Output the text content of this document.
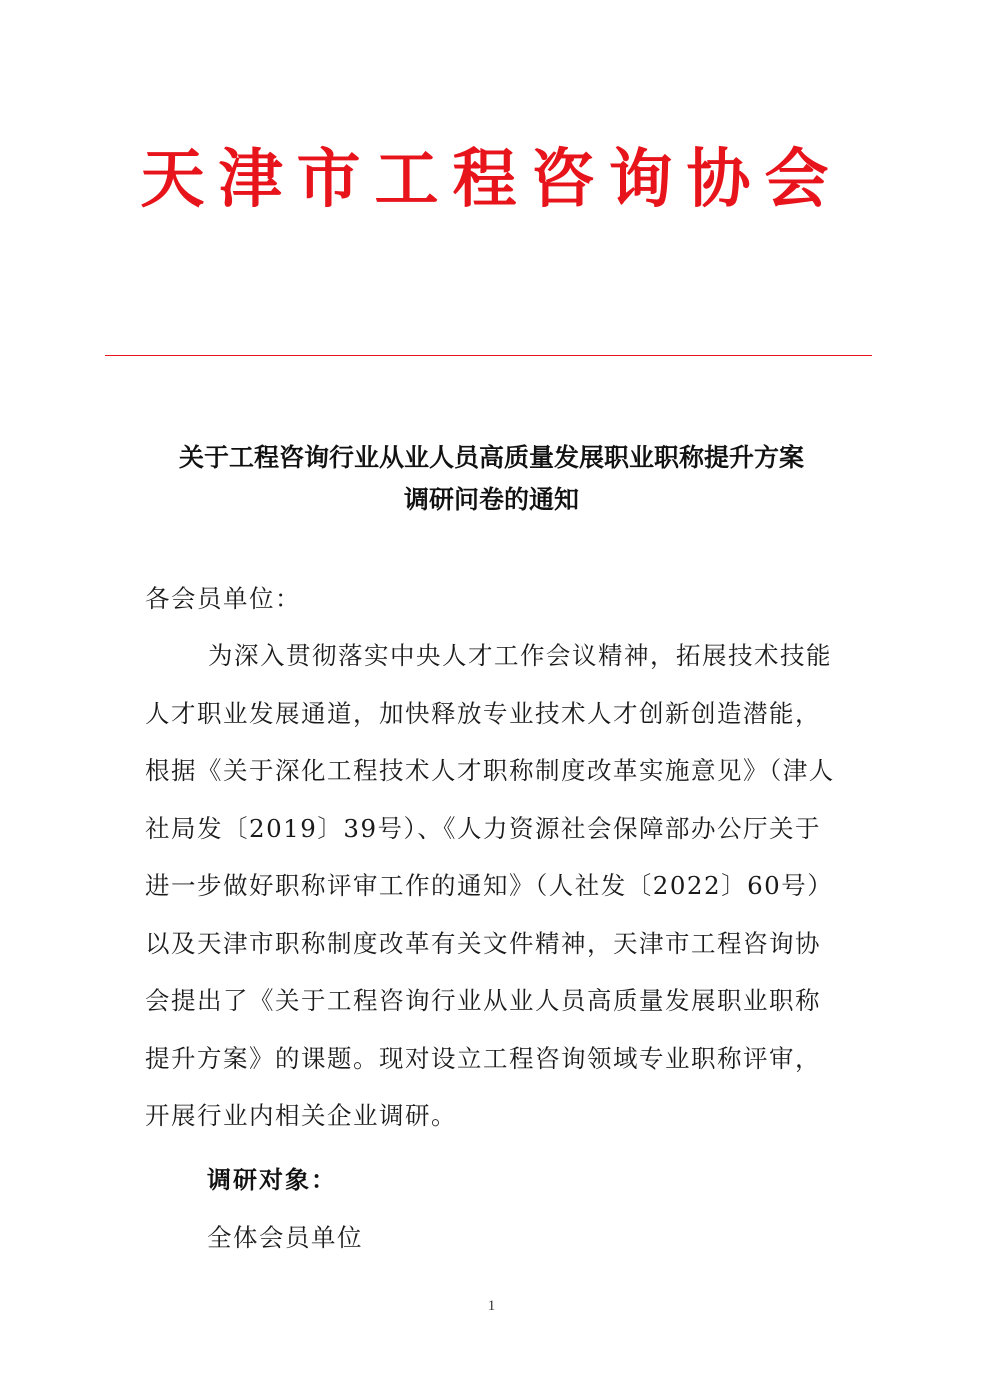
天津市工程咨询协会
关于工程咨询行业从业人员高质量发展职业职称提升方案
调研问卷的通知
各会员单位：
为深入贯彻落实中央人才工作会议精神，拓展技术技能人才职业发展通道，加快释放专业技术人才创新创造潜能，根据《关于深化工程技术人才职称制度改革实施意见》（津人社局发〔2019〕39号）、《人力资源社会保障部办公厅关于进一步做好职称评审工作的通知》（人社发〔2022〕60号）以及天津市职称制度改革有关文件精神，天津市工程咨询协会提出了《关于工程咨询行业从业人员高质量发展职业职称提升方案》的课题。现对设立工程咨询领域专业职称评审，开展行业内相关企业调研。
调研对象：
全体会员单位
1
